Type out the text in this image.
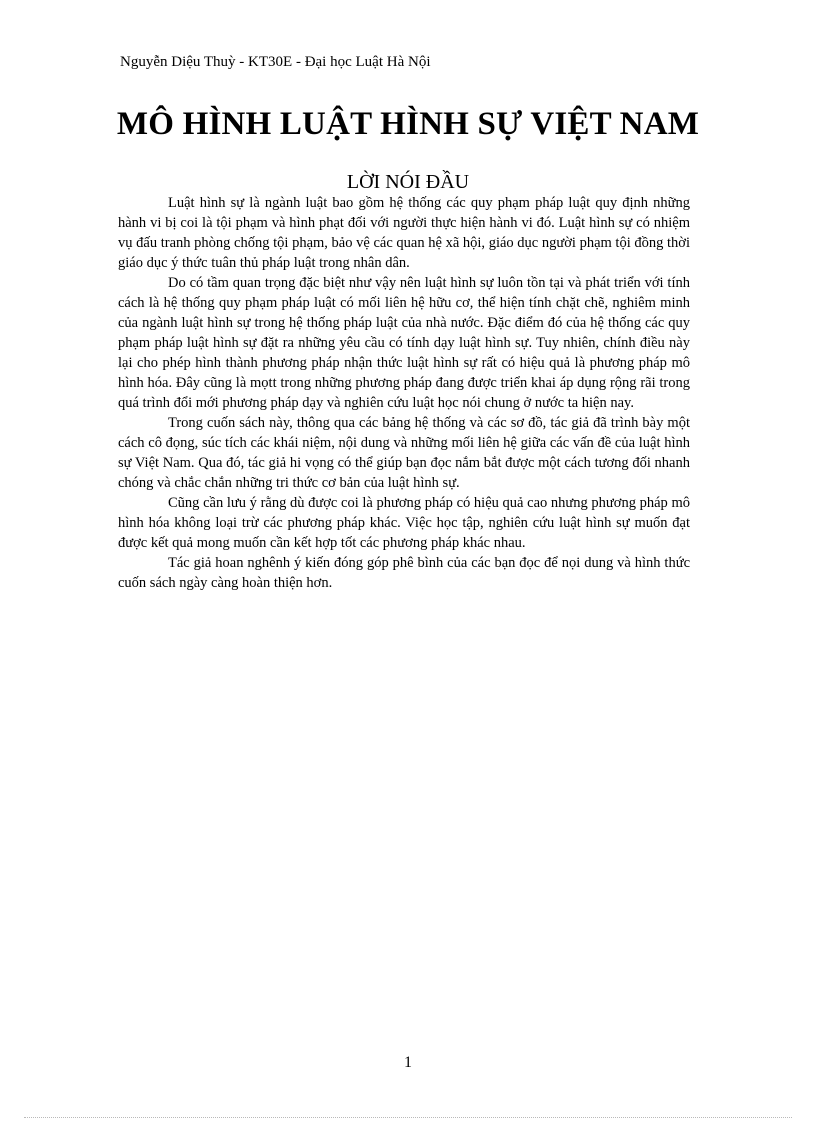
Nguyễn Diệu Thuỳ - KT30E - Đại học Luật Hà Nội
MÔ HÌNH LUẬT HÌNH SỰ VIỆT NAM
LỜI NÓI ĐẦU

Luật hình sự là ngành luật bao gồm hệ thống các quy phạm pháp luật quy định những hành vi bị coi là tội phạm và hình phạt đối với người thực hiện hành vi đó. Luật hình sự có nhiệm vụ đấu tranh phòng chống tội phạm, bảo vệ các quan hệ xã hội, giáo dục người phạm tội đồng thời giáo dục ý thức tuân thủ pháp luật trong nhân dân.

Do có tầm quan trọng đặc biệt như vậy nên luật hình sự luôn tồn tại và phát triển với tính cách là hệ thống quy phạm pháp luật có mối liên hệ hữu cơ, thể hiện tính chặt chẽ, nghiêm minh của ngành luật hình sự trong hệ thống pháp luật của nhà nước. Đặc điểm đó của hệ thống các quy phạm pháp luật hình sự đặt ra những yêu cầu có tính dạy luật hình sự. Tuy nhiên, chính điều này lại cho phép hình thành phương pháp nhận thức luật hình sự rất có hiệu quả là phương pháp mô hình hóa. Đây cũng là mọtt trong những phương pháp đang được triển khai áp dụng rộng rãi trong quá trình đổi mới phương pháp dạy và nghiên cứu luật học nói chung ở nước ta hiện nay.

Trong cuốn sách này, thông qua các bảng hệ thống và các sơ đồ, tác giả đã trình bày một cách cô đọng, súc tích các khái niệm, nội dung và những mối liên hệ giữa các vấn đề của luật hình sự Việt Nam. Qua đó, tác giả hi vọng có thể giúp bạn đọc nắm bắt được một cách tương đối nhanh chóng và chắc chắn những tri thức cơ bản của luật hình sự.

Cũng cần lưu ý rằng dù được coi là phương pháp có hiệu quả cao nhưng phương pháp mô hình hóa không loại trừ các phương pháp khác. Việc học tập, nghiên cứu luật hình sự muốn đạt được kết quả mong muốn cần kết hợp tốt các phương pháp khác nhau.

Tác giả hoan nghênh ý kiến đóng góp phê bình của các bạn đọc để nọi dung và hình thức cuốn sách ngày càng hoàn thiện hơn.

1
